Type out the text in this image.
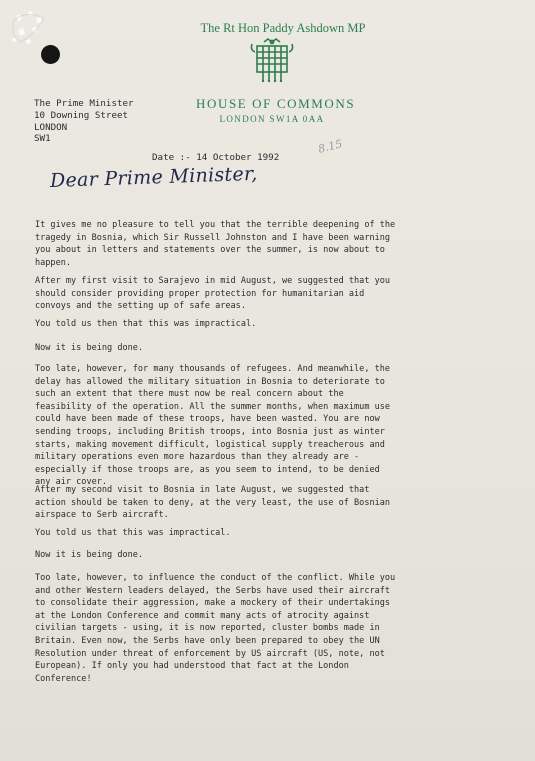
The Rt Hon Paddy Ashdown MP
HOUSE OF COMMONS
LONDON SW1A 0AA
The Prime Minister
10 Downing Street
LONDON
SW1
Date :- 14 October 1992
8.15
Dear Prime Minister,
It gives me no pleasure to tell you that the terrible deepening of the
tragedy in Bosnia, which Sir Russell Johnston and I have been warning
you about in letters and statements over the summer, is now about to
happen.
After my first visit to Sarajevo in mid August, we suggested that you
should consider providing proper protection for humanitarian aid
convoys and the setting up of safe areas.
You told us then that this was impractical.
Now it is being done.
Too late, however, for many thousands of refugees. And meanwhile, the
delay has allowed the military situation in Bosnia to deteriorate to
such an extent that there must now be real concern about the
feasibility of the operation. All the summer months, when maximum use
could have been made of these troops, have been wasted. You are now
sending troops, including British troops, into Bosnia just as winter
starts, making movement difficult, logistical supply treacherous and
military operations even more hazardous than they already are -
especially if those troops are, as you seem to intend, to be denied
any air cover.
After my second visit to Bosnia in late August, we suggested that
action should be taken to deny, at the very least, the use of Bosnian
airspace to Serb aircraft.
You told us that this was impractical.
Now it is being done.
Too late, however, to influence the conduct of the conflict. While you
and other Western leaders delayed, the Serbs have used their aircraft
to consolidate their aggression, make a mockery of their undertakings
at the London Conference and commit many acts of atrocity against
civilian targets - using, it is now reported, cluster bombs made in
Britain. Even now, the Serbs have only been prepared to obey the UN
Resolution under threat of enforcement by US aircraft (US, note, not
European). If only you had understood that fact at the London
Conference!
